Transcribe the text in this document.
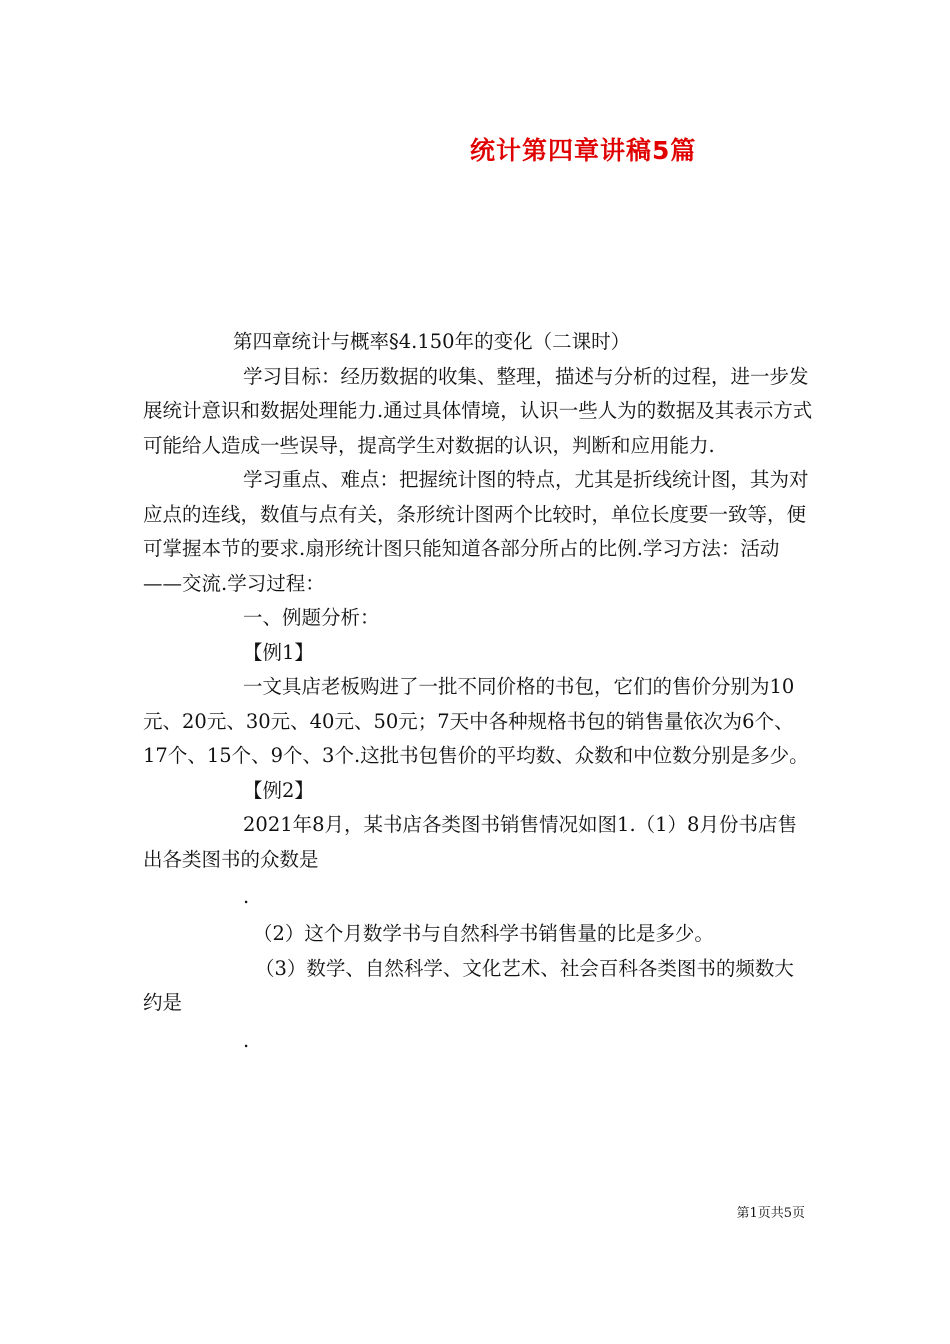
统计第四章讲稿5篇

第四章统计与概率§4.150年的变化（二课时）

学习目标：经历数据的收集、整理，描述与分析的过程，进一步发展统计意识和数据处理能力.通过具体情境，认识一些人为的数据及其表示方式可能给人造成一些误导，提高学生对数据的认识，判断和应用能力.

学习重点、难点：把握统计图的特点，尤其是折线统计图，其为对应点的连线，数值与点有关，条形统计图两个比较时，单位长度要一致等，便可掌握本节的要求.扇形统计图只能知道各部分所占的比例.学习方法：活动——交流.学习过程：

一、例题分析：

【例1】

一文具店老板购进了一批不同价格的书包，它们的售价分别为10元、20元、30元、40元、50元；7天中各种规格书包的销售量依次为6个、17个、15个、9个、3个.这批书包售价的平均数、众数和中位数分别是多少。

【例2】

2021年8月，某书店各类图书销售情况如图1.（1）8月份书店售出各类图书的众数是

.

（2）这个月数学书与自然科学书销售量的比是多少。

（3）数学、自然科学、文化艺术、社会百科各类图书的频数大约是

.

第1页共5页
